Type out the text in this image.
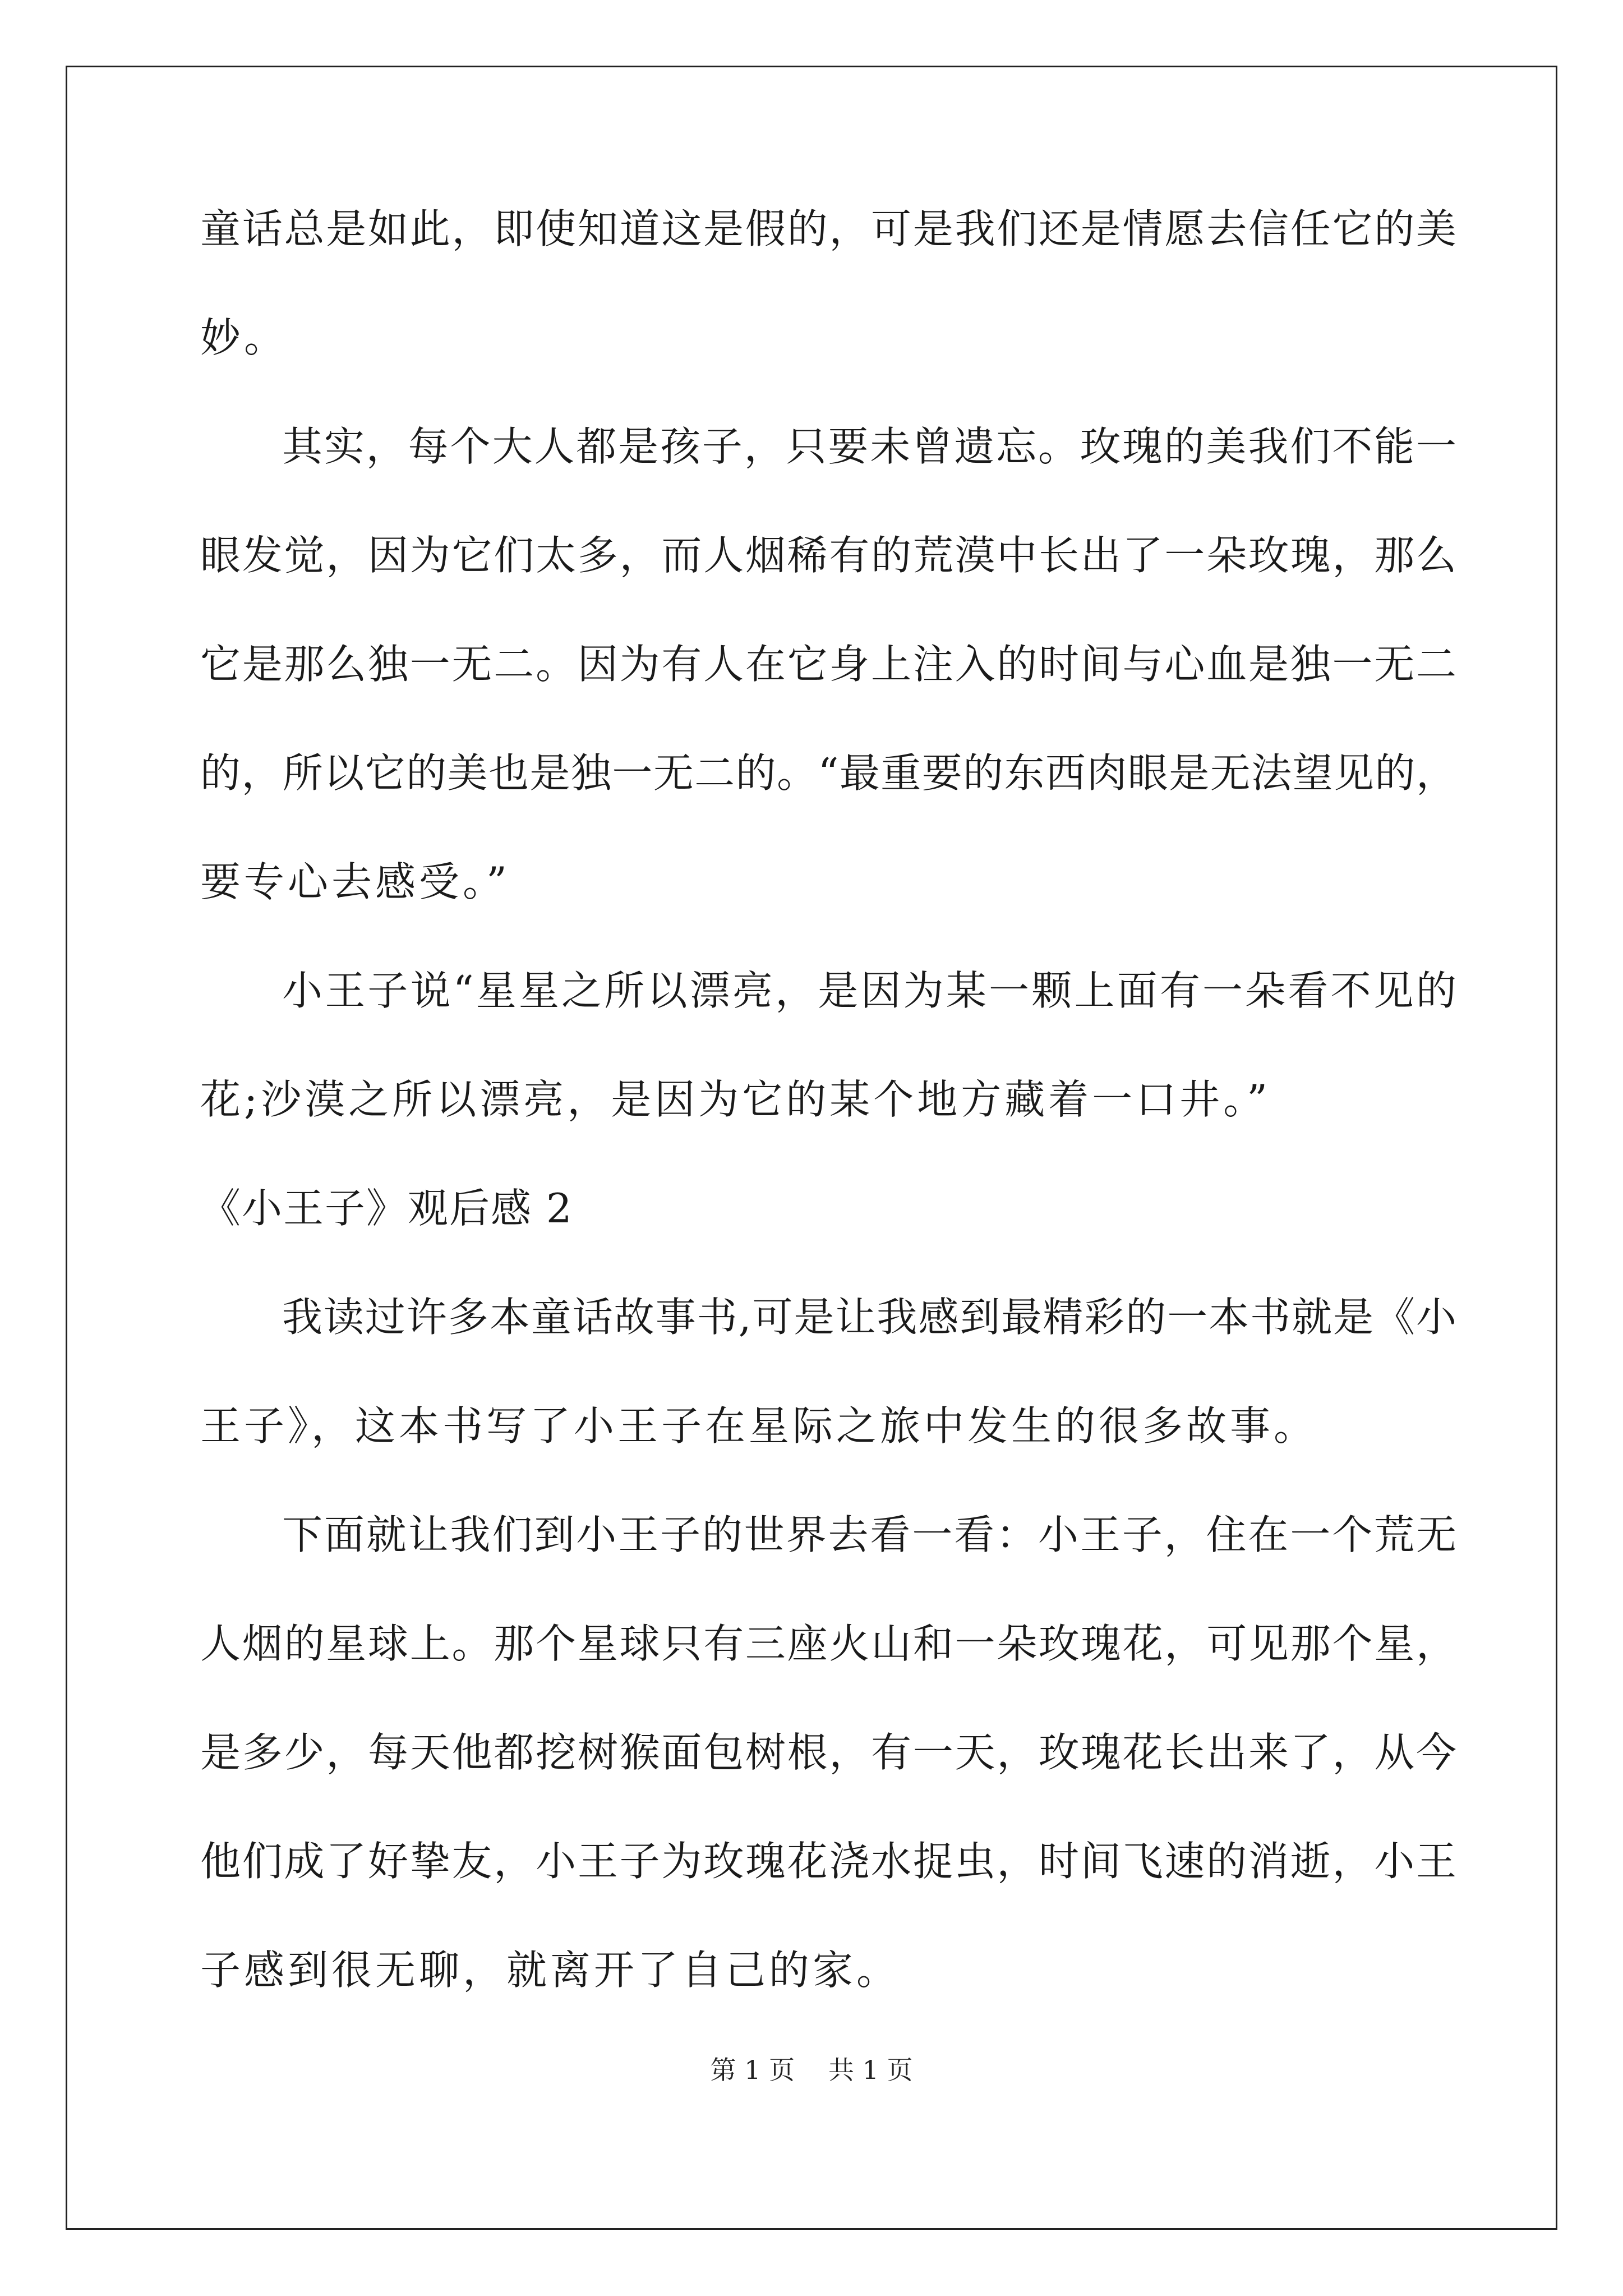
童话总是如此，即使知道这是假的，可是我们还是情愿去信任它的美
妙。
其实，每个大人都是孩子，只要未曾遗忘。玫瑰的美我们不能一
眼发觉，因为它们太多，而人烟稀有的荒漠中长出了一朵玫瑰，那么
它是那么独一无二。因为有人在它身上注入的时间与心血是独一无二
的，所以它的美也是独一无二的。“最重要的东西肉眼是无法望见的，
要专心去感受。”
小王子说“星星之所以漂亮，是因为某一颗上面有一朵看不见的
花;沙漠之所以漂亮，是因为它的某个地方藏着一口井。”
《小王子》观后感 2
我读过许多本童话故事书,可是让我感到最精彩的一本书就是《小
王子》，这本书写了小王子在星际之旅中发生的很多故事。
下面就让我们到小王子的世界去看一看：小王子，住在一个荒无
人烟的星球上。那个星球只有三座火山和一朵玫瑰花，可见那个星，
是多少，每天他都挖树猴面包树根，有一天，玫瑰花长出来了，从今
他们成了好挚友，小王子为玫瑰花浇水捉虫，时间飞速的消逝，小王
子感到很无聊，就离开了自己的家。
第 1 页 共 1 页
